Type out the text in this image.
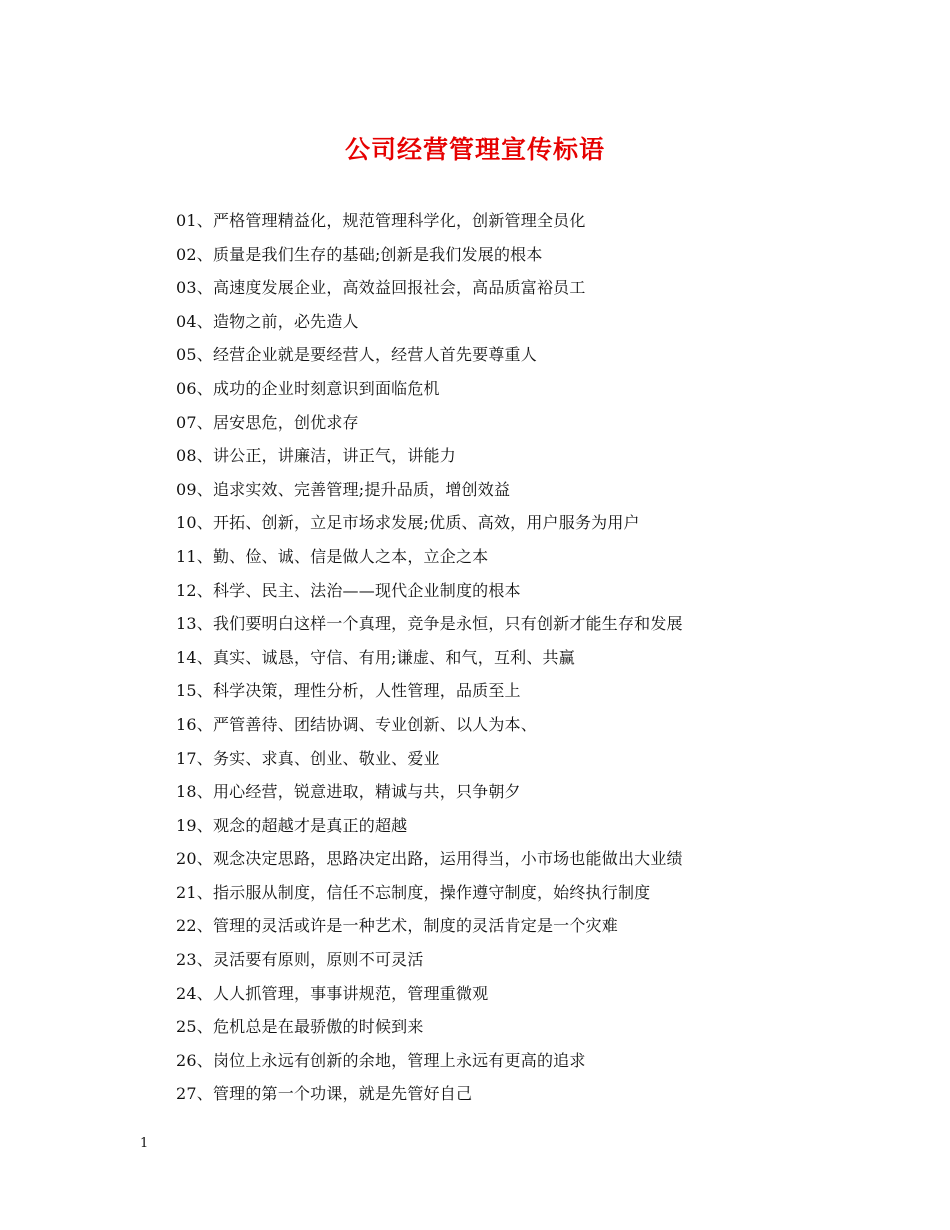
公司经营管理宣传标语
01、严格管理精益化，规范管理科学化，创新管理全员化
02、质量是我们生存的基础;创新是我们发展的根本
03、高速度发展企业，高效益回报社会，高品质富裕员工
04、造物之前，必先造人
05、经营企业就是要经营人，经营人首先要尊重人
06、成功的企业时刻意识到面临危机
07、居安思危，创优求存
08、讲公正，讲廉洁，讲正气，讲能力
09、追求实效、完善管理;提升品质，增创效益
10、开拓、创新，立足市场求发展;优质、高效，用户服务为用户
11、勤、俭、诚、信是做人之本，立企之本
12、科学、民主、法治——现代企业制度的根本
13、我们要明白这样一个真理，竞争是永恒，只有创新才能生存和发展
14、真实、诚恳，守信、有用;谦虚、和气，互利、共赢
15、科学决策，理性分析，人性管理，品质至上
16、严管善待、团结协调、专业创新、以人为本、
17、务实、求真、创业、敬业、爱业
18、用心经营，锐意进取，精诚与共，只争朝夕
19、观念的超越才是真正的超越
20、观念决定思路，思路决定出路，运用得当，小市场也能做出大业绩
21、指示服从制度，信任不忘制度，操作遵守制度，始终执行制度
22、管理的灵活或许是一种艺术，制度的灵活肯定是一个灾难
23、灵活要有原则，原则不可灵活
24、人人抓管理，事事讲规范，管理重微观
25、危机总是在最骄傲的时候到来
26、岗位上永远有创新的余地，管理上永远有更高的追求
27、管理的第一个功课，就是先管好自己
1
